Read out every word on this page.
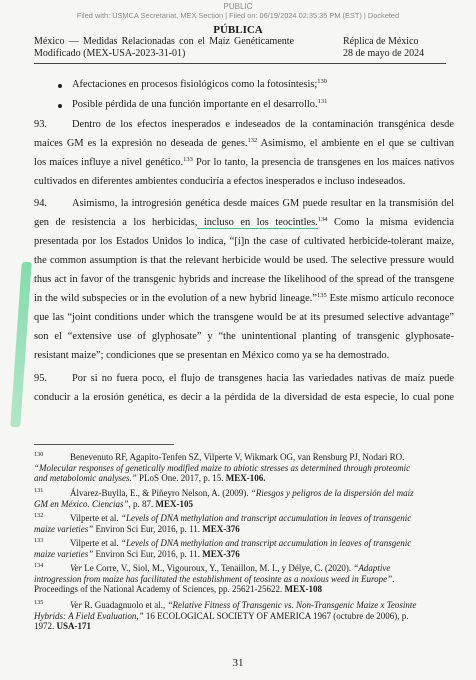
PUBLIC
Filed with: USMCA Secretariat, MEX Section | Filed on: 06/19/2024 02:35:35 PM (EST) | Docketed
PÚBLICA
México — Medidas Relacionadas con el Maíz Genéticamente Modificado (MEX-USA-2023-31-01)
Réplica de México
28 de mayo de 2024
Afectaciones en procesos fisiológicos como la fotosíntesis;$^{130}$
Posible pérdida de una función importante en el desarrollo.$^{131}$
93. Dentro de los efectos inesperados e indeseados de la contaminación transgénica desde
maíces GM es la expresión no deseada de genes.$^{132}$ Asimismo, el ambiente en el que se cultivan
los maíces influye a nivel genético.$^{133}$ Por lo tanto, la presencia de transgenes en los maíces nativos
cultivados en diferentes ambientes conduciría a efectos inesperados e incluso indeseados.
94. Asimismo, la introgresión genética desde maíces GM puede resultar en la transmisión del
gen de resistencia a los herbicidas, incluso en los teocintles.$^{134}$ Como la misma evidencia
presentada por los Estados Unidos lo indica, “[i]n the case of cultivated herbicide-tolerant maize,
the common assumption is that the relevant herbicide would be used. The selective pressure would
thus act in favor of the transgenic hybrids and increase the likelihood of the spread of the transgene
in the wild subspecies or in the evolution of a new hybrid lineage.”$^{135}$ Este mismo artículo reconoce
que las “joint conditions under which the transgene would be at its presumed selective advantage”
son el “extensive use of glyphosate” y “the unintentional planting of transgenic glyphosate-
resistant maize”; condiciones que se presentan en México como ya se ha demostrado.
95. Por si no fuera poco, el flujo de transgenes hacia las variedades nativas de maíz puede
conducir a la erosión genética, es decir a la pérdida de la diversidad de esta especie, lo cual pone
130	Benevenuto RF, Agapito-Tenfen SZ, Vilperte V, Wikmark OG, van Rensburg PJ, Nodari RO.
“Molecular responses of genetically modified maize to abiotic stresses as determined through proteomic
and metabolomic analyses.” PLoS One. 2017, p. 15. MEX-106.
131	Álvarez-Buylla, E., & Piñeyro Nelson, A. (2009). “Riesgos y peligros de la dispersión del maíz
GM en México. Ciencias”, p. 87. MEX-105
132	Vilperte et al. “Levels of DNA methylation and transcript accumulation in leaves of transgenic
maize varieties” Environ Sci Eur, 2016, p. 11. MEX-376
133	Vilperte et al. “Levels of DNA methylation and transcript accumulation in leaves of transgenic
maize varieties” Environ Sci Eur, 2016, p. 11. MEX-376
134	Ver Le Corre, V., Siol, M., Vigouroux, Y., Tenaillon, M. I., y Délye, C. (2020). “Adaptive
introgression from maize has facilitated the establishment of teosinte as a noxious weed in Europe”.
Proceedings of the National Academy of Sciences, pp. 25621-25622. MEX-108
135	Ver R. Guadagnuolo et al., “Relative Fitness of Transgenic vs. Non-Transgenic Maize x Teosinte
Hybrids: A Field Evaluation,” 16 ECOLOGICAL SOCIETY OF AMERICA 1967 (octubre de 2006), p.
1972. USA-171
31
